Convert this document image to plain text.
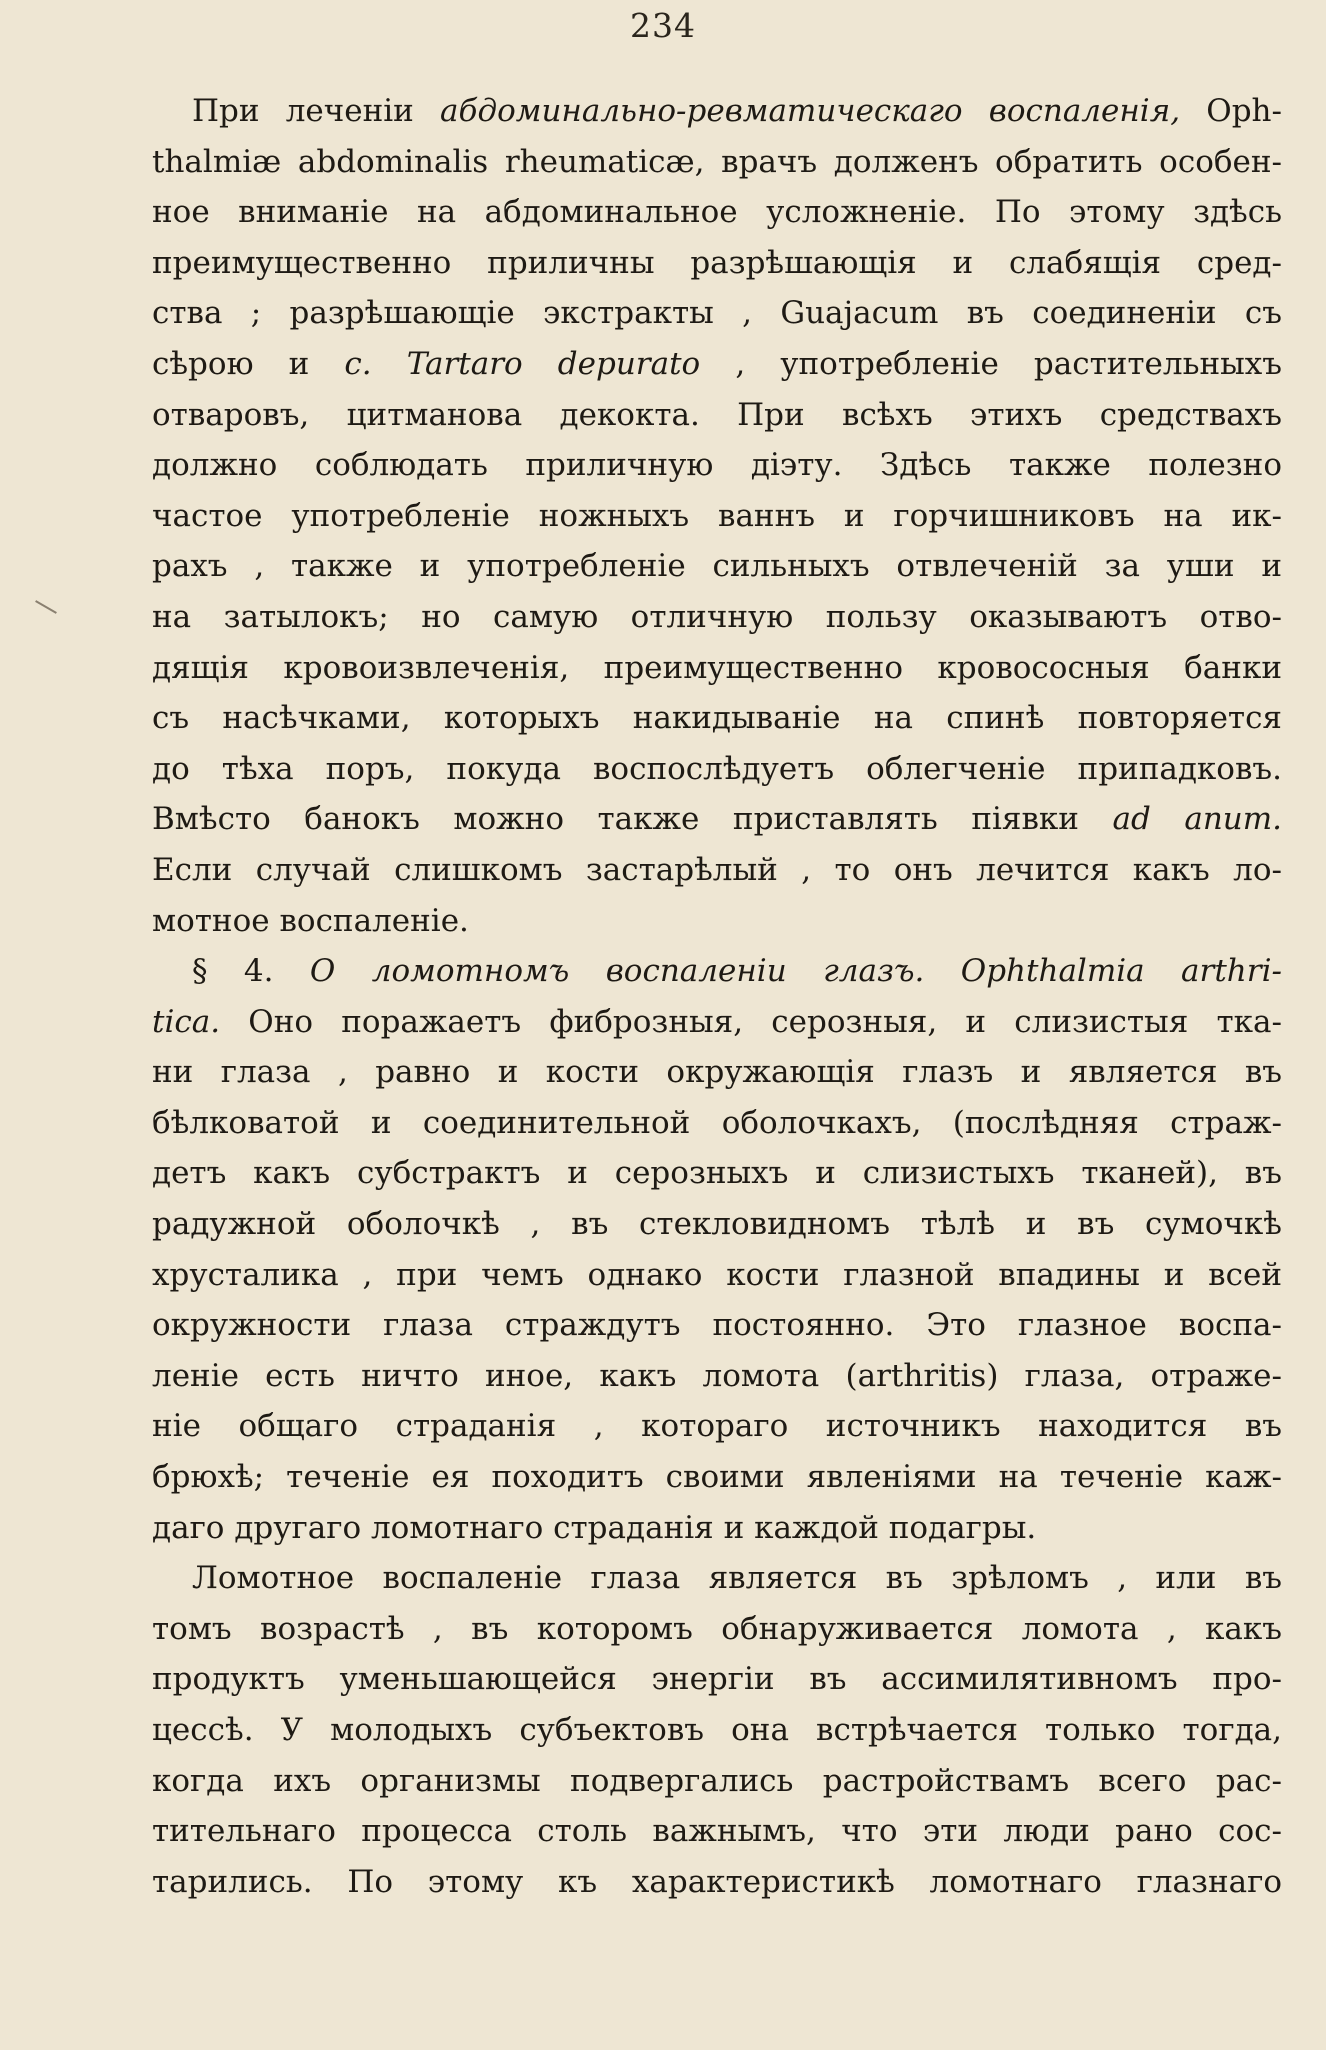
234
При леченіи абдоминально-ревматическаго воспаленія, Oph-
thalmiæ abdominalis rheumaticæ, врачъ долженъ обратить особен-
ное вниманіе на абдоминальное усложненіе. По этому здѣсь
преимущественно приличны разрѣшающія и слабящія сред-
ства ; разрѣшающіе экстракты , Guajacum въ соединеніи съ
сѣрою и c. Tartaro depurato , употребленіе растительныхъ
отваровъ, цитманова декокта. При всѣхъ этихъ средствахъ
должно соблюдать приличную діэту. Здѣсь также полезно
частое употребленіе ножныхъ ваннъ и горчишниковъ на ик-
рахъ , также и употребленіе сильныхъ отвлеченій за уши и
на затылокъ; но самую отличную пользу оказываютъ отво-
дящія кровоизвлеченія, преимущественно кровососныя банки
съ насѣчками, которыхъ накидываніе на спинѣ повторяется
до тѣха поръ, покуда воспослѣдуетъ облегченіе припадковъ.
Вмѣсто банокъ можно также приставлять піявки ad anum.
Если случай слишкомъ застарѣлый , то онъ лечится какъ ло-
мотное воспаленіе.
§ 4. О ломотномъ воспаленіи глазъ. Ophthalmia arthri-
tica. Оно поражаетъ фиброзныя, серозныя, и слизистыя тка-
ни глаза , равно и кости окружающія глазъ и является въ
бѣлковатой и соединительной оболочкахъ, (послѣдняя страж-
детъ какъ субстрактъ и серозныхъ и слизистыхъ тканей), въ
радужной оболочкѣ , въ стекловидномъ тѣлѣ и въ сумочкѣ
хрусталика , при чемъ однако кости глазной впадины и всей
окружности глаза страждутъ постоянно. Это глазное воспа-
леніе есть ничто иное, какъ ломота (arthritis) глаза, отраже-
ніе общаго страданія , котораго источникъ находится въ
брюхѣ; теченіе ея походитъ своими явленіями на теченіе каж-
даго другаго ломотнаго страданія и каждой подагры.
Ломотное воспаленіе глаза является въ зрѣломъ , или въ
томъ возрастѣ , въ которомъ обнаруживается ломота , какъ
продуктъ уменьшающейся энергіи въ ассимилятивномъ про-
цессѣ. У молодыхъ субъектовъ она встрѣчается только тогда,
когда ихъ организмы подвергались растройствамъ всего рас-
тительнаго процесса столь важнымъ, что эти люди рано сос-
тарились. По этому къ характеристикѣ ломотнаго глазнаго
